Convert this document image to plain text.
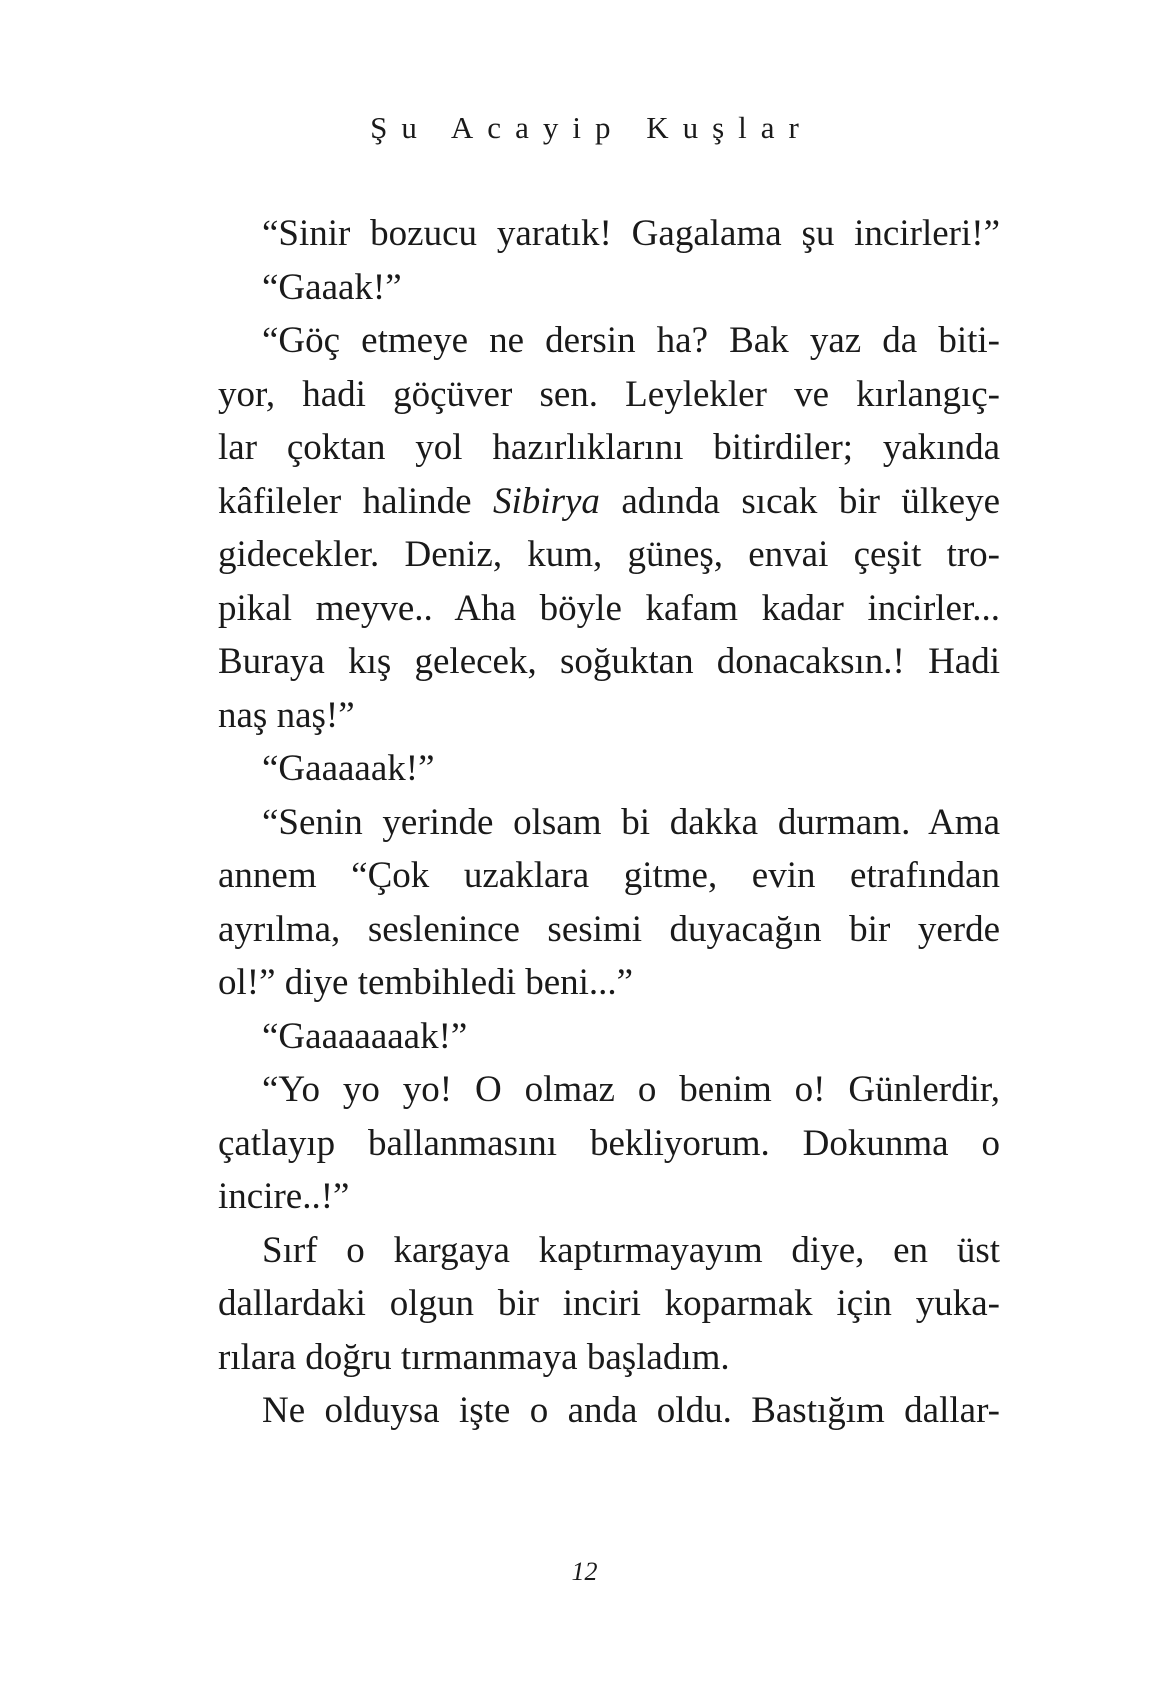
Şu Acayip Kuşlar
“Sinir bozucu yaratık! Gagalama şu incirleri!”
“Gaaak!”
“Göç etmeye ne dersin ha? Bak yaz da biti-
yor, hadi göçüver sen. Leylekler ve kırlangıç-
lar çoktan yol hazırlıklarını bitirdiler; yakında
kâfileler halinde Sibirya adında sıcak bir ülkeye
gidecekler. Deniz, kum, güneş, envai çeşit tro-
pikal meyve.. Aha böyle kafam kadar incirler...
Buraya kış gelecek, soğuktan donacaksın.! Hadi
naş naş!”
“Gaaaaak!”
“Senin yerinde olsam bi dakka durmam. Ama
annem “Çok uzaklara gitme, evin etrafından
ayrılma, seslenince sesimi duyacağın bir yerde
ol!” diye tembihledi beni...”
“Gaaaaaaak!”
“Yo yo yo! O olmaz o benim o! Günlerdir,
çatlayıp ballanmasını bekliyorum. Dokunma o
incire..!”
Sırf o kargaya kaptırmayayım diye, en üst
dallardaki olgun bir inciri koparmak için yuka-
rılara doğru tırmanmaya başladım.
Ne olduysa işte o anda oldu. Bastığım dallar-
12
